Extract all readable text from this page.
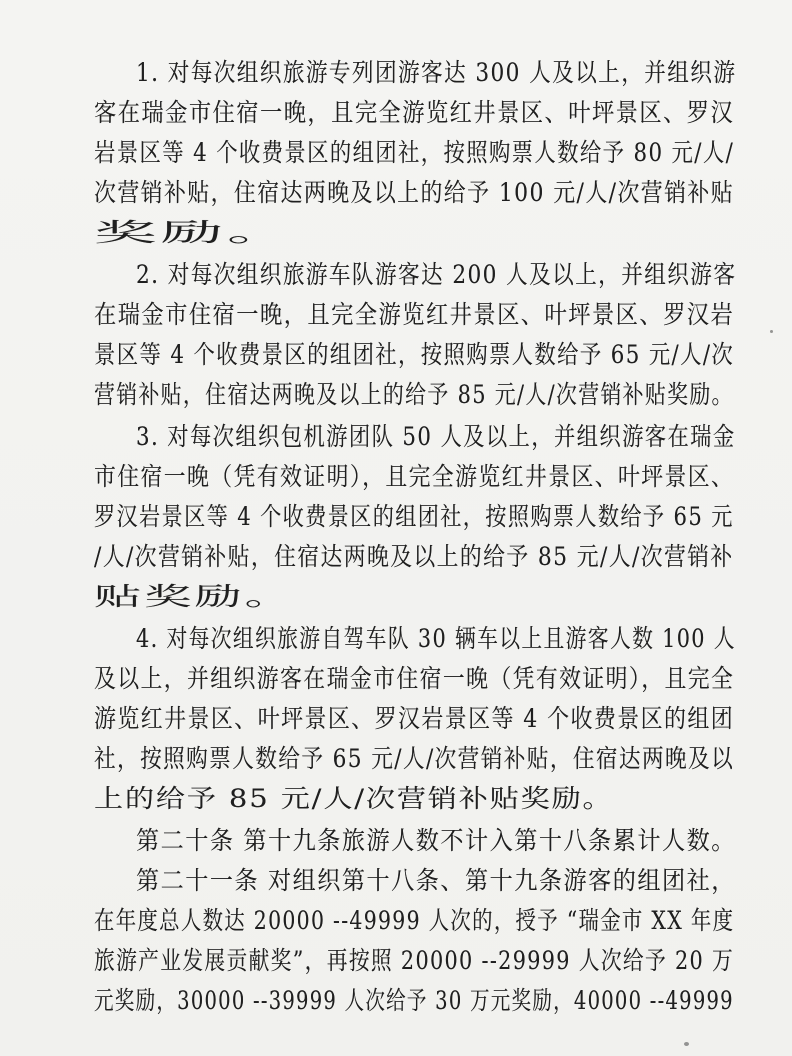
1. 对每次组织旅游专列团游客达 300 人及以上，并组织游

客在瑞金市住宿一晚，且完全游览红井景区、叶坪景区、罗汉

岩景区等 4 个收费景区的组团社，按照购票人数给予 80 元/人/

次营销补贴，住宿达两晚及以上的给予 100 元/人/次营销补贴

奖励。

2. 对每次组织旅游车队游客达 200 人及以上，并组织游客

在瑞金市住宿一晚，且完全游览红井景区、叶坪景区、罗汉岩

景区等 4 个收费景区的组团社，按照购票人数给予 65 元/人/次

营销补贴，住宿达两晚及以上的给予 85 元/人/次营销补贴奖励。

3. 对每次组织包机游团队 50 人及以上，并组织游客在瑞金

市住宿一晚（凭有效证明），且完全游览红井景区、叶坪景区、

罗汉岩景区等 4 个收费景区的组团社，按照购票人数给予 65 元

/人/次营销补贴，住宿达两晚及以上的给予 85 元/人/次营销补

贴奖励。

4. 对每次组织旅游自驾车队 30 辆车以上且游客人数 100 人

及以上，并组织游客在瑞金市住宿一晚（凭有效证明），且完全

游览红井景区、叶坪景区、罗汉岩景区等 4 个收费景区的组团

社，按照购票人数给予 65 元/人/次营销补贴，住宿达两晚及以

上的给予 85 元/人/次营销补贴奖励。

第二十条 第十九条旅游人数不计入第十八条累计人数。

第二十一条 对组织第十八条、第十九条游客的组团社，

在年度总人数达 20000 --49999 人次的，授予 “瑞金市 XX 年度

旅游产业发展贡献奖”，再按照 20000 --29999 人次给予 20 万

元奖励，30000 --39999 人次给予 30 万元奖励，40000 --49999
